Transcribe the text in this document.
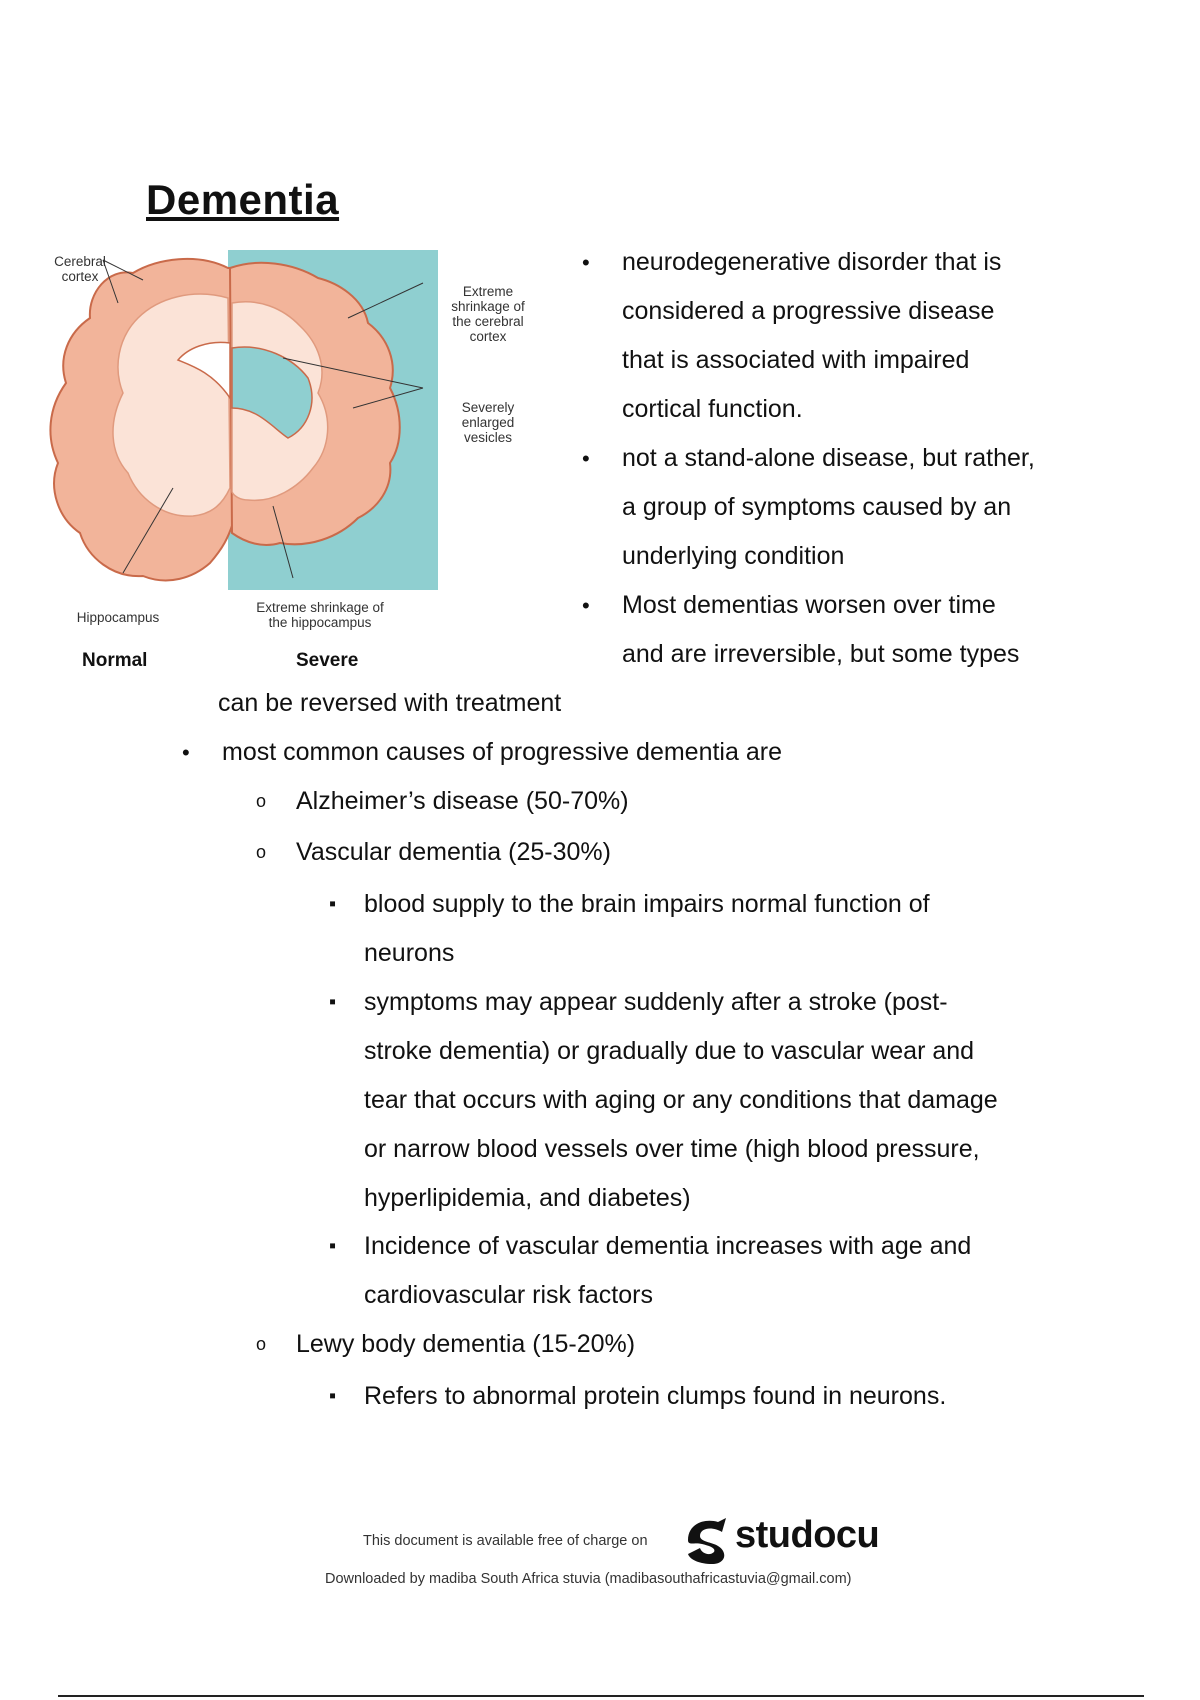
Dementia
Cerebral cortex
Extreme shrinkage of the cerebral cortex
Severely enlarged vesicles
Hippocampus
Extreme shrinkage of the hippocampus
Normal	Severe
•	neurodegenerative disorder that is
considered a progressive disease
that is associated with impaired
cortical function.
•	not a stand-alone disease, but rather,
a group of symptoms caused by an
underlying condition
•	Most dementias worsen over time
and are irreversible, but some types
can be reversed with treatment
•	most common causes of progressive dementia are
o	Alzheimer’s disease (50-70%)
o	Vascular dementia (25-30%)
▪	blood supply to the brain impairs normal function of
neurons
▪	symptoms may appear suddenly after a stroke (post-
stroke dementia) or gradually due to vascular wear and
tear that occurs with aging or any conditions that damage
or narrow blood vessels over time (high blood pressure,
hyperlipidemia, and diabetes)
▪	Incidence of vascular dementia increases with age and
cardiovascular risk factors
o	Lewy body dementia (15-20%)
▪	Refers to abnormal protein clumps found in neurons.
This document is available free of charge on studocu
Downloaded by madiba South Africa stuvia (madibasouthafricastuvia@gmail.com)
